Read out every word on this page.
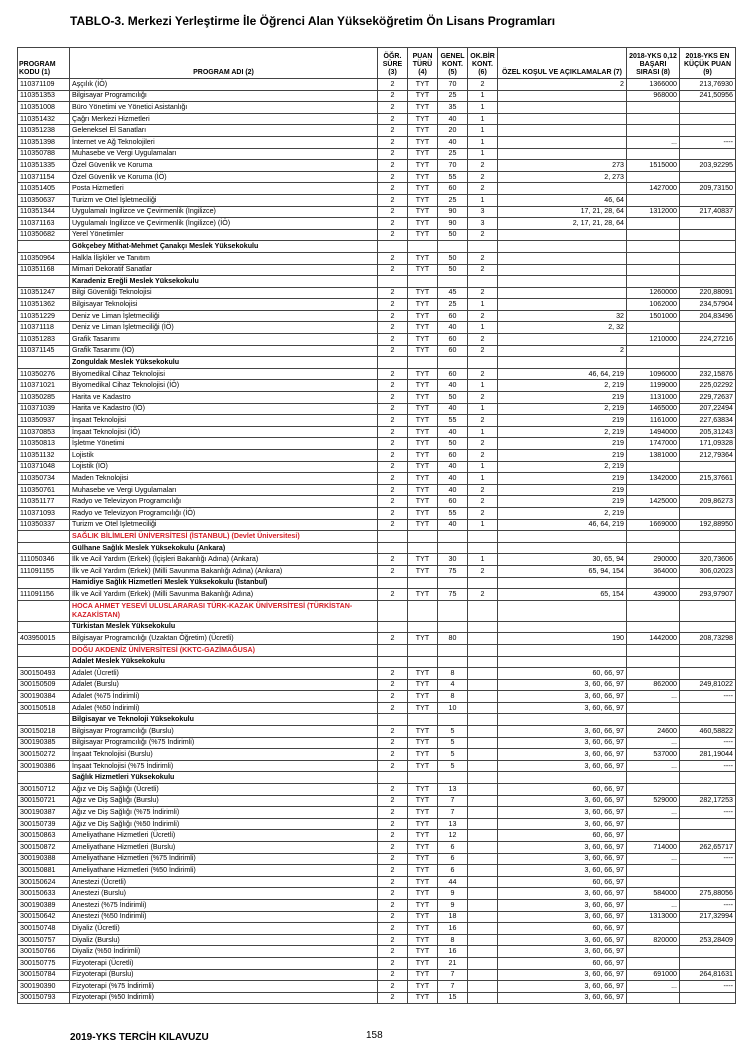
TABLO-3. Merkezi Yerleştirme İle Öğrenci Alan Yükseköğretim Ön Lisans Programları
PROGRAM KODU (1)	PROGRAM ADI (2)	ÖĞR. SÜRE (3)	PUAN TÜRÜ (4)	GENEL KONT. (5)	OK.BİR KONT. (6)	ÖZEL KOŞUL VE AÇIKLAMALAR (7)	2018-YKS 0,12 BAŞARI SIRASI (8)	2018-YKS EN KÜÇÜK PUAN (9)
110371109	Aşçılık (İÖ)	2	TYT	70	2	2	1366000	213,76930
110351353	Bilgisayar Programcılığı	2	TYT	25	1		968000	241,50956
110351008	Büro Yönetimi ve Yönetici Asistanlığı	2	TYT	35	1			
110351432	Çağrı Merkezi Hizmetleri	2	TYT	40	1			
110351238	Geleneksel El Sanatları	2	TYT	20	1			
110351398	İnternet ve Ağ Teknolojileri	2	TYT	40	1		...	----
110350788	Muhasebe ve Vergi Uygulamaları	2	TYT	25	1			
110351335	Özel Güvenlik ve Koruma	2	TYT	70	2	273	1515000	203,92295
110371154	Özel Güvenlik ve Koruma (İÖ)	2	TYT	55	2	2, 273		
110351405	Posta Hizmetleri	2	TYT	60	2		1427000	209,73150
110350637	Turizm ve Otel İşletmeciliği	2	TYT	25	1	46, 64		
110351344	Uygulamalı İngilizce ve Çevirmenlik (İngilizce)	2	TYT	90	3	17, 21, 28, 64	1312000	217,40837
110371163	Uygulamalı İngilizce ve Çevirmenlik (İngilizce) (İÖ)	2	TYT	90	3	2, 17, 21, 28, 64		
110350682	Yerel Yönetimler	2	TYT	50	2			
	Gökçebey Mithat-Mehmet Çanakçı Meslek Yüksekokulu							
110350964	Halkla İlişkiler ve Tanıtım	2	TYT	50	2			
110351168	Mimari Dekoratif Sanatlar	2	TYT	50	2			
	Karadeniz Ereğli Meslek Yüksekokulu							
110351247	Bilgi Güvenliği Teknolojisi	2	TYT	45	2		1260000	220,88091
110351362	Bilgisayar Teknolojisi	2	TYT	25	1		1062000	234,57904
110351229	Deniz ve Liman İşletmeciliği	2	TYT	60	2	32	1501000	204,83496
110371118	Deniz ve Liman İşletmeciliği (İÖ)	2	TYT	40	1	2, 32		
110351283	Grafik Tasarımı	2	TYT	60	2		1210000	224,27216
110371145	Grafik Tasarımı (İÖ)	2	TYT	60	2	2		
	Zonguldak Meslek Yüksekokulu							
110350276	Biyomedikal Cihaz Teknolojisi	2	TYT	60	2	46, 64, 219	1096000	232,15876
110371021	Biyomedikal Cihaz Teknolojisi (İÖ)	2	TYT	40	1	2, 219	1199000	225,02292
110350285	Harita ve Kadastro	2	TYT	50	2	219	1131000	229,72637
110371039	Harita ve Kadastro (İÖ)	2	TYT	40	1	2, 219	1465000	207,22494
110350937	İnşaat Teknolojisi	2	TYT	55	2	219	1161000	227,63834
110370853	İnşaat Teknolojisi (İÖ)	2	TYT	40	1	2, 219	1494000	205,31243
110350813	İşletme Yönetimi	2	TYT	50	2	219	1747000	171,09328
110351132	Lojistik	2	TYT	60	2	219	1381000	212,79364
110371048	Lojistik (İÖ)	2	TYT	40	1	2, 219		
110350734	Maden Teknolojisi	2	TYT	40	1	219	1342000	215,37661
110350761	Muhasebe ve Vergi Uygulamaları	2	TYT	40	2	219		
110351177	Radyo ve Televizyon Programcılığı	2	TYT	60	2	219	1425000	209,86273
110371093	Radyo ve Televizyon Programcılığı (İÖ)	2	TYT	55	2	2, 219		
110350337	Turizm ve Otel İşletmeciliği	2	TYT	40	1	46, 64, 219	1669000	192,88950
	SAĞLIK BİLİMLERİ ÜNİVERSİTESİ (İSTANBUL) (Devlet Üniversitesi)							
	Gülhane Sağlık Meslek Yüksekokulu (Ankara)							
111050346	İlk ve Acil Yardım (Erkek) (İçişleri Bakanlığı Adına) (Ankara)	2	TYT	30	1	30, 65, 94	290000	320,73606
111091155	İlk ve Acil Yardım (Erkek) (Milli Savunma Bakanlığı Adına) (Ankara)	2	TYT	75	2	65, 94, 154	364000	306,02023
	Hamidiye Sağlık Hizmetleri Meslek Yüksekokulu (İstanbul)							
111091156	İlk ve Acil Yardım (Erkek) (Milli Savunma Bakanlığı Adına)	2	TYT	75	2	65, 154	439000	293,97907
	HOCA AHMET YESEVİ ULUSLARARASI TÜRK-KAZAK ÜNİVERSİTESİ (TÜRKİSTAN-KAZAKİSTAN)							
	Türkistan Meslek Yüksekokulu							
403950015	Bilgisayar Programcılığı (Uzaktan Öğretim) (Ücretli)	2	TYT	80		190	1442000	208,73298
	DOĞU AKDENİZ ÜNİVERSİTESİ (KKTC-GAZİMAĞUSA)							
	Adalet Meslek Yüksekokulu							
300150493	Adalet (Ücretli)	2	TYT	8		60, 66, 97		
300150509	Adalet (Burslu)	2	TYT	4		3, 60, 66, 97	862000	249,81022
300190384	Adalet (%75 İndirimli)	2	TYT	8		3, 60, 66, 97	...	----
300150518	Adalet (%50 İndirimli)	2	TYT	10		3, 60, 66, 97		
	Bilgisayar ve Teknoloji Yüksekokulu							
300150218	Bilgisayar Programcılığı (Burslu)	2	TYT	5		3, 60, 66, 97	24600	460,58822
300190385	Bilgisayar Programcılığı (%75 İndirimli)	2	TYT	5		3, 60, 66, 97	...	----
300150272	İnşaat Teknolojisi (Burslu)	2	TYT	5		3, 60, 66, 97	537000	281,19044
300190386	İnşaat Teknolojisi (%75 İndirimli)	2	TYT	5		3, 60, 66, 97	...	----
	Sağlık Hizmetleri Yüksekokulu							
300150712	Ağız ve Diş Sağlığı (Ücretli)	2	TYT	13		60, 66, 97		
300150721	Ağız ve Diş Sağlığı (Burslu)	2	TYT	7		3, 60, 66, 97	529000	282,17253
300190387	Ağız ve Diş Sağlığı (%75 İndirimli)	2	TYT	7		3, 60, 66, 97	...	----
300150739	Ağız ve Diş Sağlığı (%50 İndirimli)	2	TYT	13		3, 60, 66, 97		
300150863	Ameliyathane Hizmetleri (Ücretli)	2	TYT	12		60, 66, 97		
300150872	Ameliyathane Hizmetleri (Burslu)	2	TYT	6		3, 60, 66, 97	714000	262,65717
300190388	Ameliyathane Hizmetleri (%75 İndirimli)	2	TYT	6		3, 60, 66, 97	...	----
300150881	Ameliyathane Hizmetleri (%50 İndirimli)	2	TYT	6		3, 60, 66, 97		
300150624	Anestezi (Ücretli)	2	TYT	44		60, 66, 97		
300150633	Anestezi (Burslu)	2	TYT	9		3, 60, 66, 97	584000	275,88056
300190389	Anestezi (%75 İndirimli)	2	TYT	9		3, 60, 66, 97	...	----
300150642	Anestezi (%50 İndirimli)	2	TYT	18		3, 60, 66, 97	1313000	217,32994
300150748	Diyaliz (Ücretli)	2	TYT	16		60, 66, 97		
300150757	Diyaliz (Burslu)	2	TYT	8		3, 60, 66, 97	820000	253,28409
300150766	Diyaliz (%50 İndirimli)	2	TYT	16		3, 60, 66, 97		
300150775	Fizyoterapi (Ücretli)	2	TYT	21		60, 66, 97		
300150784	Fizyoterapi (Burslu)	2	TYT	7		3, 60, 66, 97	691000	264,81631
300190390	Fizyoterapi (%75 İndirimli)	2	TYT	7		3, 60, 66, 97	...	----
300150793	Fizyoterapi (%50 İndirimli)	2	TYT	15		3, 60, 66, 97		
2019-YKS TERCİH KILAVUZU	158
